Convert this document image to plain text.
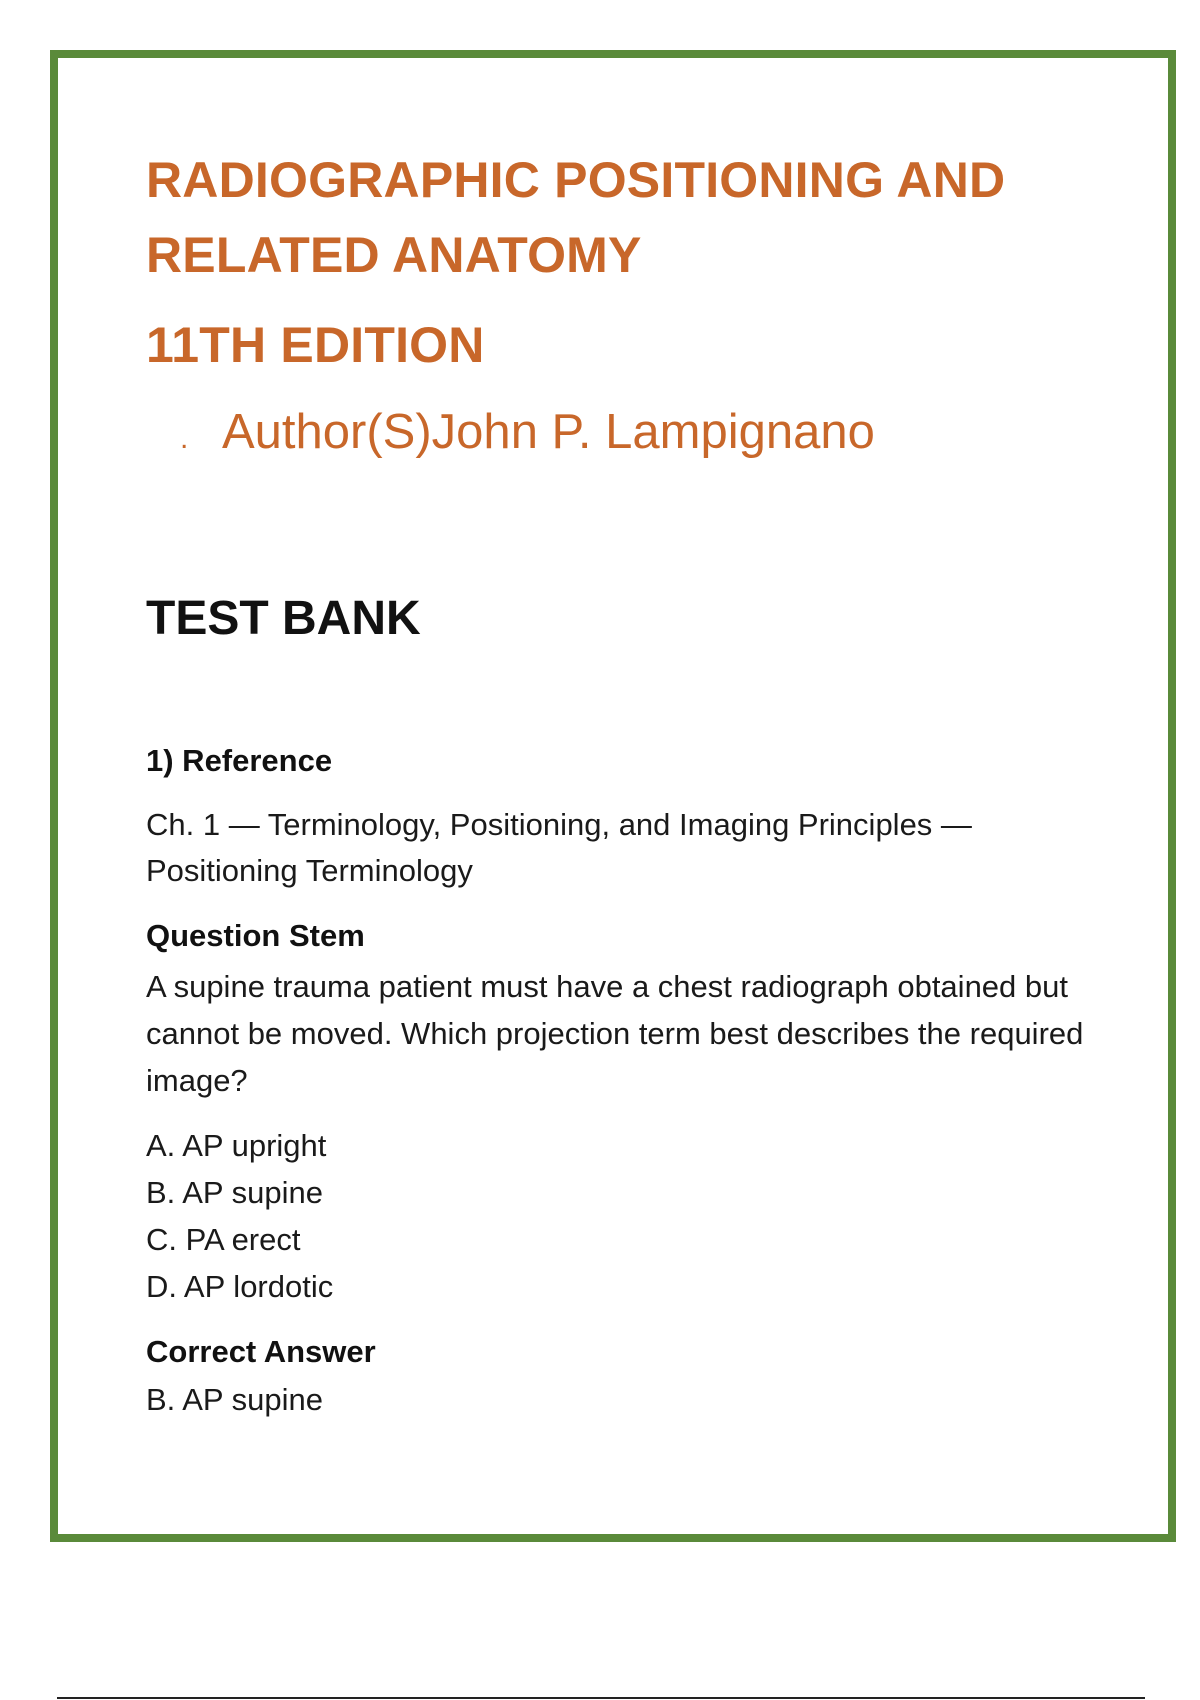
RADIOGRAPHIC POSITIONING AND
RELATED ANATOMY
11TH EDITION
. Author(S)John P. Lampignano
TEST BANK
1) Reference
Ch. 1 — Terminology, Positioning, and Imaging Principles — Positioning Terminology
Question Stem
A supine trauma patient must have a chest radiograph obtained but cannot be moved. Which projection term best describes the required image?
A. AP upright
B. AP supine
C. PA erect
D. AP lordotic
Correct Answer
B. AP supine
